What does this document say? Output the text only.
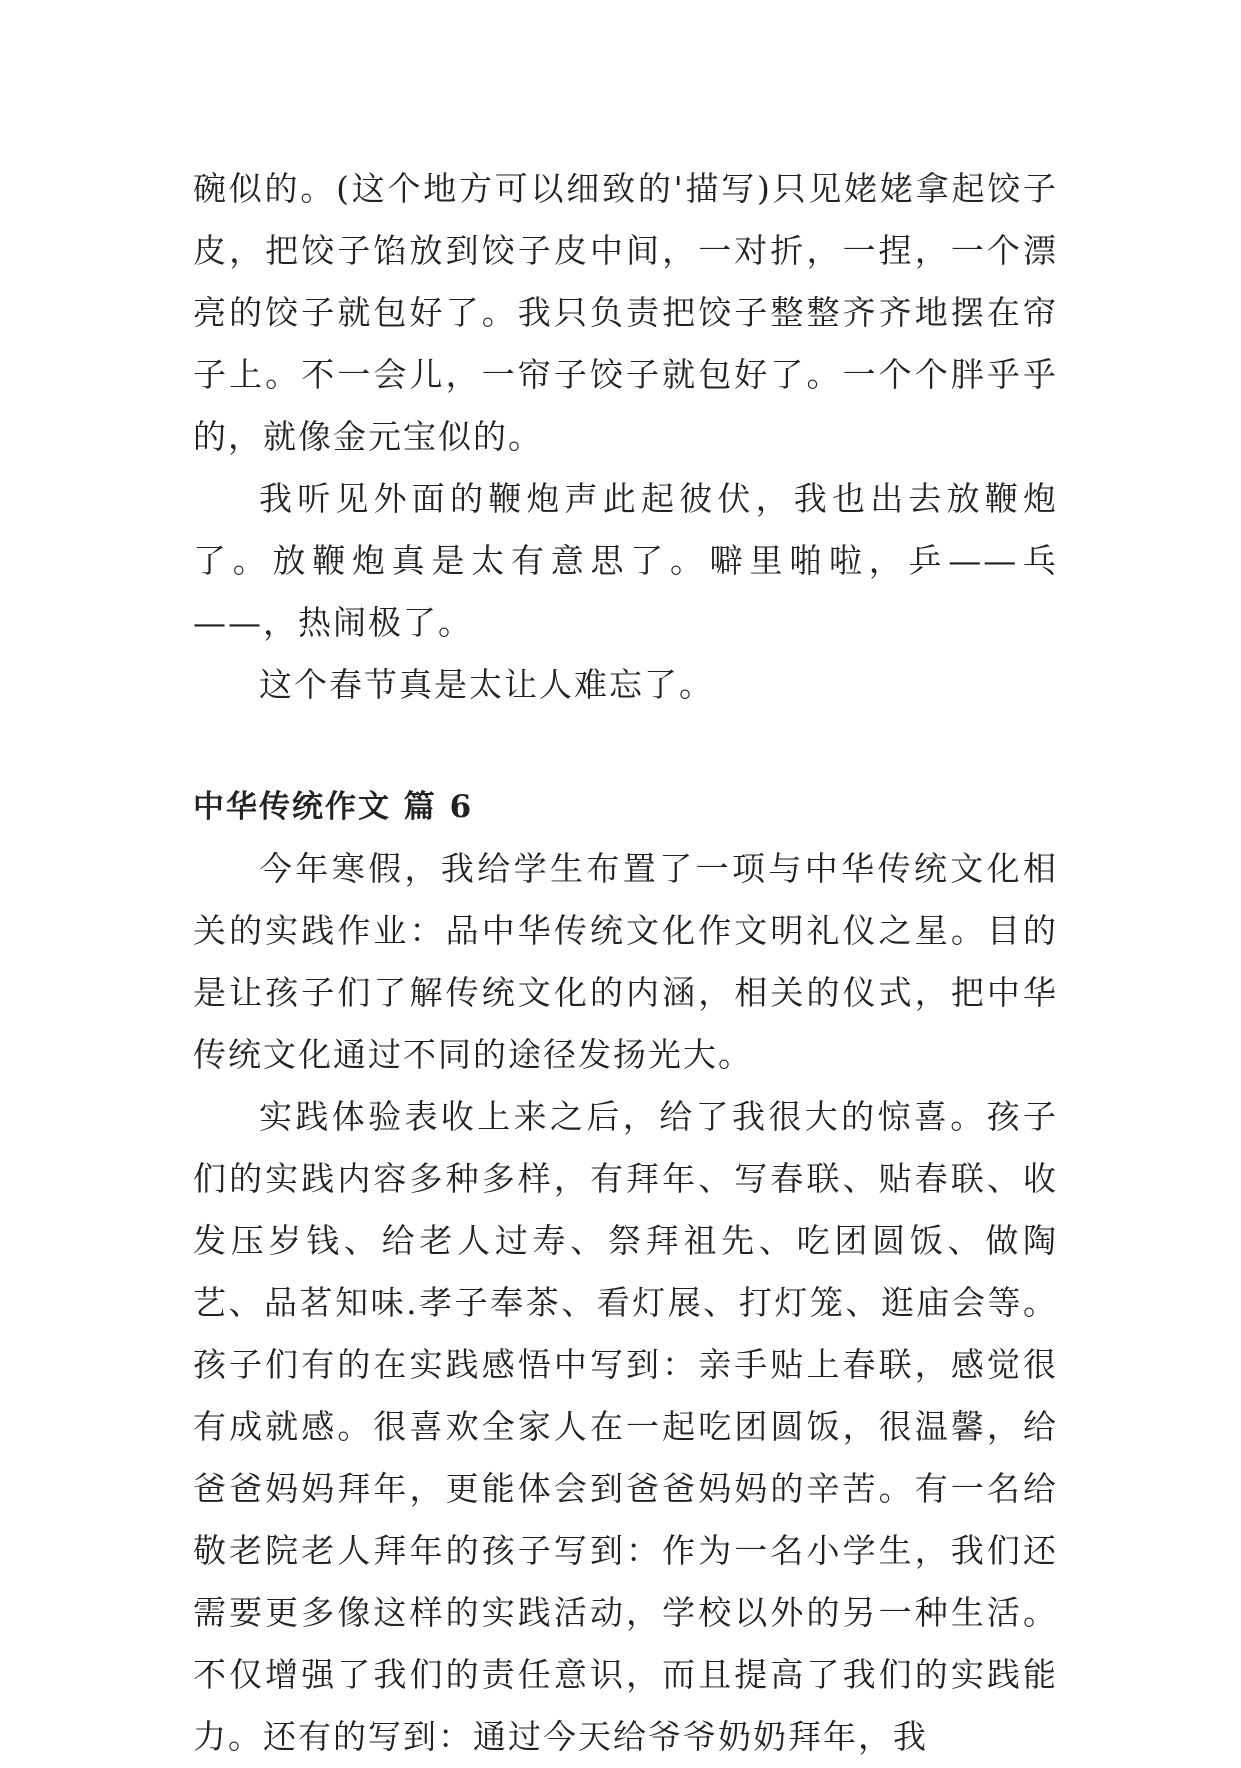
碗似的。(这个地方可以细致的'描写)只见姥姥拿起饺子皮，把饺子馅放到饺子皮中间，一对折，一捏，一个漂亮的饺子就包好了。我只负责把饺子整整齐齐地摆在帘子上。不一会儿，一帘子饺子就包好了。一个个胖乎乎的，就像金元宝似的。

我听见外面的鞭炮声此起彼伏，我也出去放鞭炮了。放鞭炮真是太有意思了。噼里啪啦，乒——乓——，热闹极了。

这个春节真是太让人难忘了。

中华传统作文 篇 6

今年寒假，我给学生布置了一项与中华传统文化相关的实践作业：品中华传统文化作文明礼仪之星。目的是让孩子们了解传统文化的内涵，相关的仪式，把中华传统文化通过不同的途径发扬光大。

实践体验表收上来之后，给了我很大的惊喜。孩子们的实践内容多种多样，有拜年、写春联、贴春联、收发压岁钱、给老人过寿、祭拜祖先、吃团圆饭、做陶艺、品茗知味.孝子奉茶、看灯展、打灯笼、逛庙会等。孩子们有的在实践感悟中写到：亲手贴上春联，感觉很有成就感。很喜欢全家人在一起吃团圆饭，很温馨，给爸爸妈妈拜年，更能体会到爸爸妈妈的辛苦。有一名给敬老院老人拜年的孩子写到：作为一名小学生，我们还需要更多像这样的实践活动，学校以外的另一种生活。不仅增强了我们的责任意识，而且提高了我们的实践能力。还有的写到：通过今天给爷爷奶奶拜年，我
